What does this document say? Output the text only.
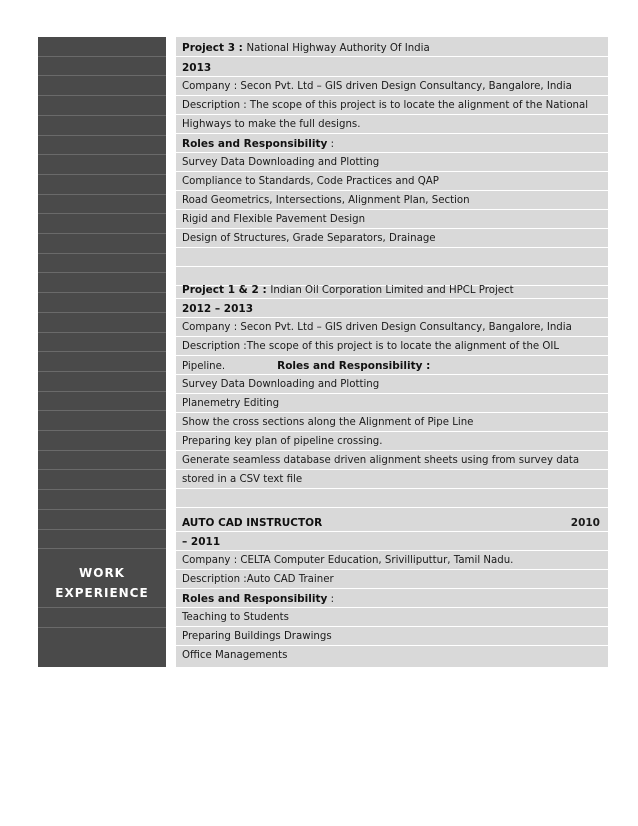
WORK
EXPERIENCE
Project 3 : National Highway Authority Of India
2013
Company : Secon Pvt. Ltd – GIS driven Design Consultancy, Bangalore, India
Description : The scope of this project is to locate the alignment of the National
Highways to make the full designs.
Roles and Responsibility :
Survey Data Downloading and Plotting
Compliance to Standards, Code Practices and QAP
Road Geometrics, Intersections, Alignment Plan, Section
Rigid and Flexible Pavement Design
Design of Structures, Grade Separators, Drainage
Project 1 & 2 : Indian Oil Corporation Limited and HPCL Project
2012 – 2013
Company : Secon Pvt. Ltd – GIS driven Design Consultancy, Bangalore, India
Description :The scope of this project is to locate the alignment of the OIL
Pipeline.	Roles and Responsibility :
Survey Data Downloading and Plotting
Planemetry Editing
Show the cross sections along the Alignment of Pipe Line
Preparing key plan of pipeline crossing.
Generate seamless database driven alignment sheets using from survey data
stored in a CSV text file
AUTO CAD INSTRUCTOR	2010
– 2011
Company : CELTA Computer Education, Srivilliputtur, Tamil Nadu.
Description :Auto CAD Trainer
Roles and Responsibility :
Teaching to Students
Preparing Buildings Drawings
Office Managements
